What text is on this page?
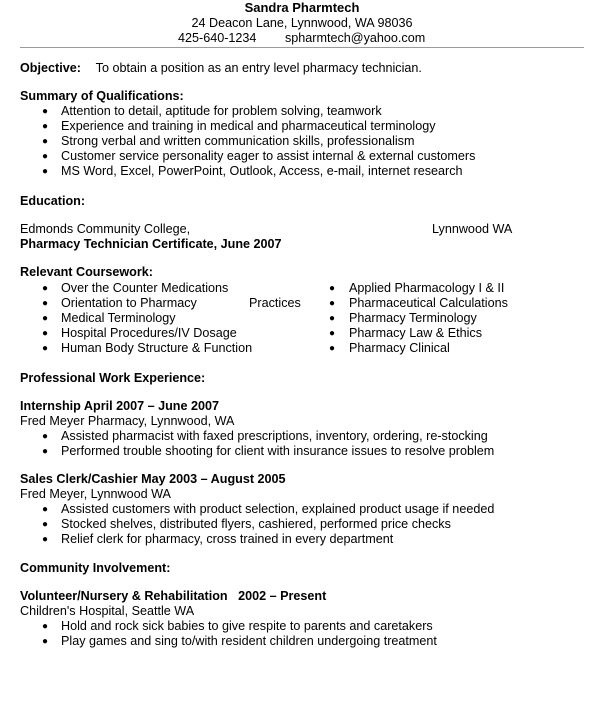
Sandra Pharmtech
24 Deacon Lane, Lynnwood, WA 98036
425-640-1234 spharmtech@yahoo.com
Objective: To obtain a position as an entry level pharmacy technician.
Summary of Qualifications:
● Attention to detail, aptitude for problem solving, teamwork
● Experience and training in medical and pharmaceutical terminology
● Strong verbal and written communication skills, professionalism
● Customer service personality eager to assist internal & external customers
● MS Word, Excel, PowerPoint, Outlook, Access, e-mail, internet research
Education:
Edmonds Community College,	Lynnwood WA
Pharmacy Technician Certificate, June 2007
Relevant Coursework:
● Over the Counter Medications
● Orientation to Pharmacy	Practices
● Medical Terminology
● Hospital Procedures/IV Dosage
● Human Body Structure & Function
● Applied Pharmacology I & II
● Pharmaceutical Calculations
● Pharmacy Terminology
● Pharmacy Law & Ethics
● Pharmacy Clinical
Professional Work Experience:
Internship April 2007 – June 2007
Fred Meyer Pharmacy, Lynnwood, WA
● Assisted pharmacist with faxed prescriptions, inventory, ordering, re-stocking
● Performed trouble shooting for client with insurance issues to resolve problem
Sales Clerk/Cashier May 2003 – August 2005
Fred Meyer, Lynnwood WA
● Assisted customers with product selection, explained product usage if needed
● Stocked shelves, distributed flyers, cashiered, performed price checks
● Relief clerk for pharmacy, cross trained in every department
Community Involvement:
Volunteer/Nursery & Rehabilitation   2002 – Present
Children's Hospital, Seattle WA
● Hold and rock sick babies to give respite to parents and caretakers
● Play games and sing to/with resident children undergoing treatment
